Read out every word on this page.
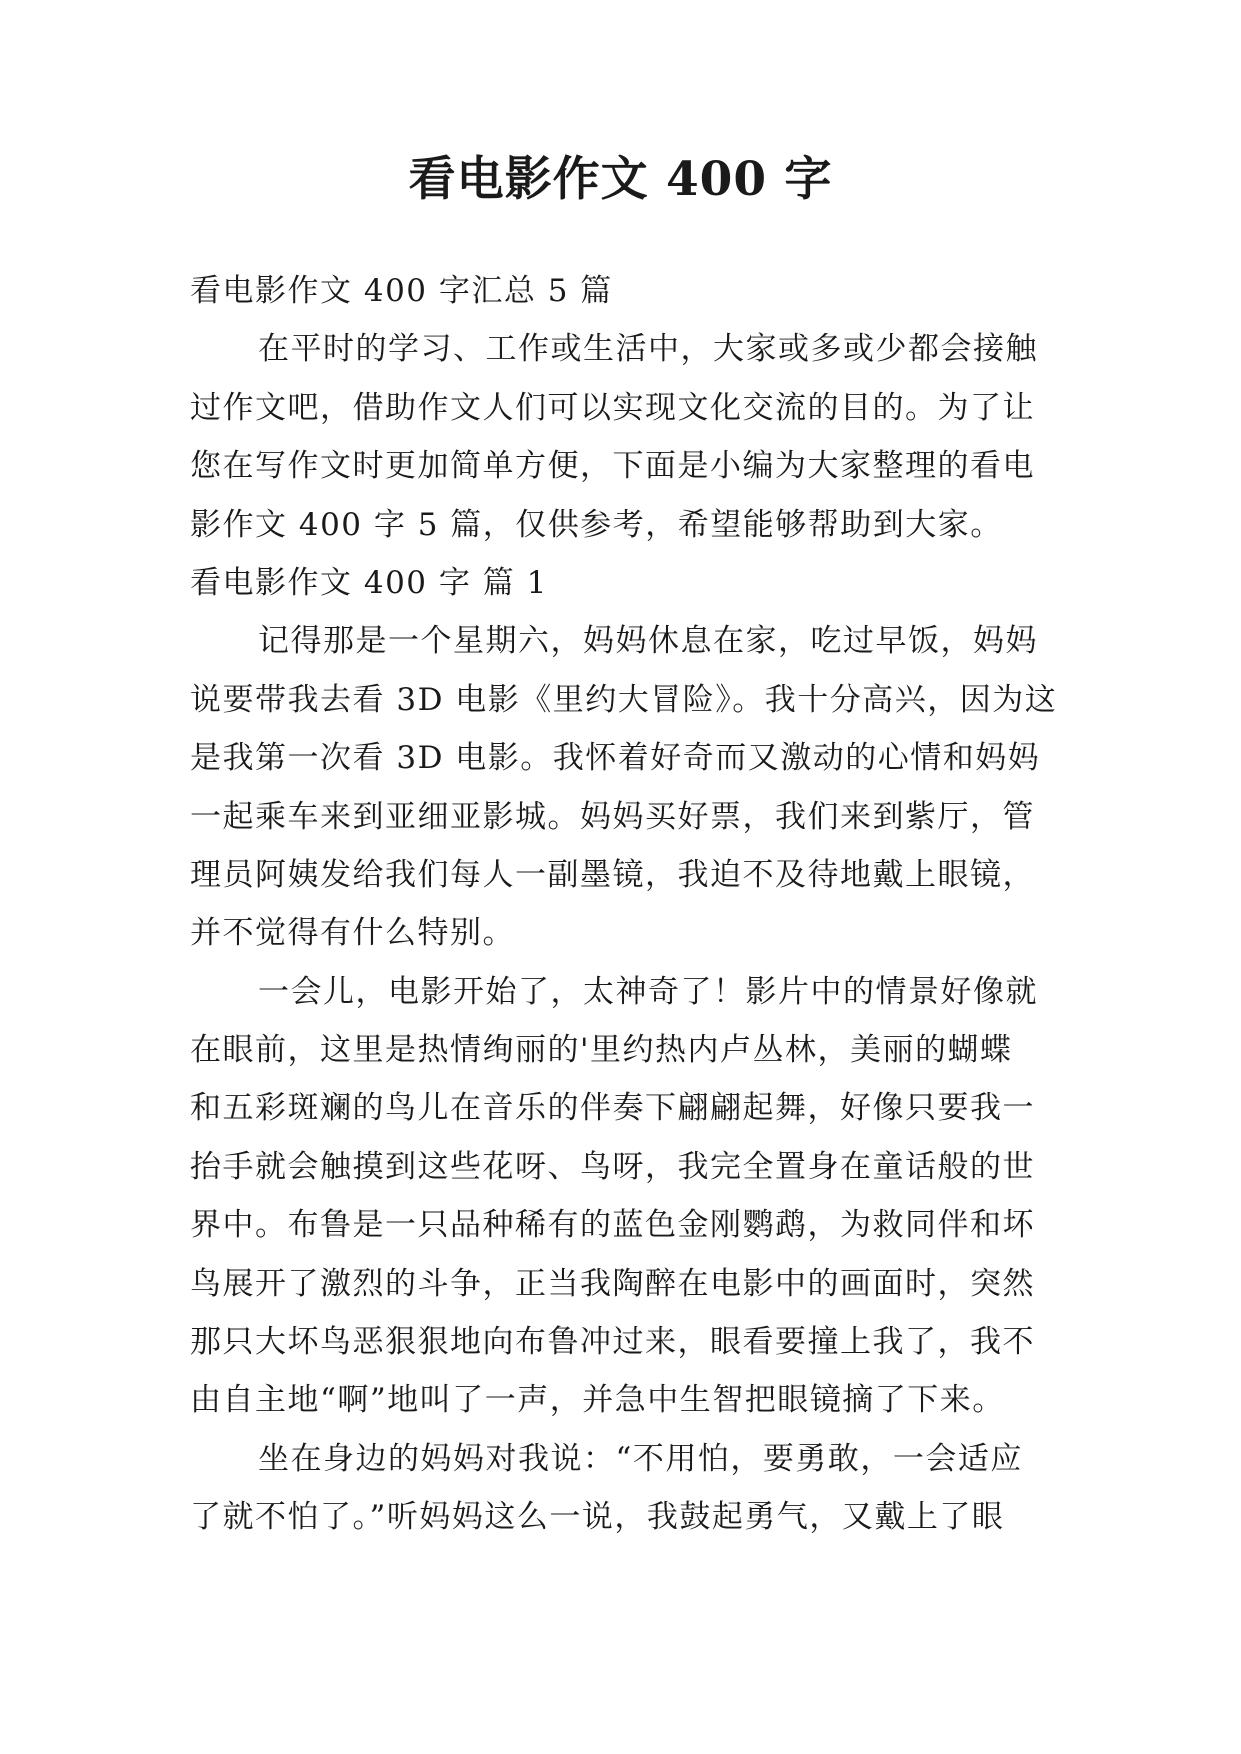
看电影作文 400 字
看电影作文 400 字汇总 5 篇
在平时的学习、工作或生活中，大家或多或少都会接触
过作文吧，借助作文人们可以实现文化交流的目的。为了让
您在写作文时更加简单方便，下面是小编为大家整理的看电
影作文 400 字 5 篇，仅供参考，希望能够帮助到大家。
看电影作文 400 字 篇 1
记得那是一个星期六，妈妈休息在家，吃过早饭，妈妈
说要带我去看 3D 电影《里约大冒险》。我十分高兴，因为这
是我第一次看 3D 电影。我怀着好奇而又激动的心情和妈妈
一起乘车来到亚细亚影城。妈妈买好票，我们来到紫厅，管
理员阿姨发给我们每人一副墨镜，我迫不及待地戴上眼镜，
并不觉得有什么特别。
一会儿，电影开始了，太神奇了！影片中的情景好像就
在眼前，这里是热情绚丽的'里约热内卢丛林，美丽的蝴蝶
和五彩斑斓的鸟儿在音乐的伴奏下翩翩起舞，好像只要我一
抬手就会触摸到这些花呀、鸟呀，我完全置身在童话般的世
界中。布鲁是一只品种稀有的蓝色金刚鹦鹉，为救同伴和坏
鸟展开了激烈的斗争，正当我陶醉在电影中的画面时，突然
那只大坏鸟恶狠狠地向布鲁冲过来，眼看要撞上我了，我不
由自主地“啊”地叫了一声，并急中生智把眼镜摘了下来。
坐在身边的妈妈对我说：“不用怕，要勇敢，一会适应
了就不怕了。”听妈妈这么一说，我鼓起勇气，又戴上了眼
